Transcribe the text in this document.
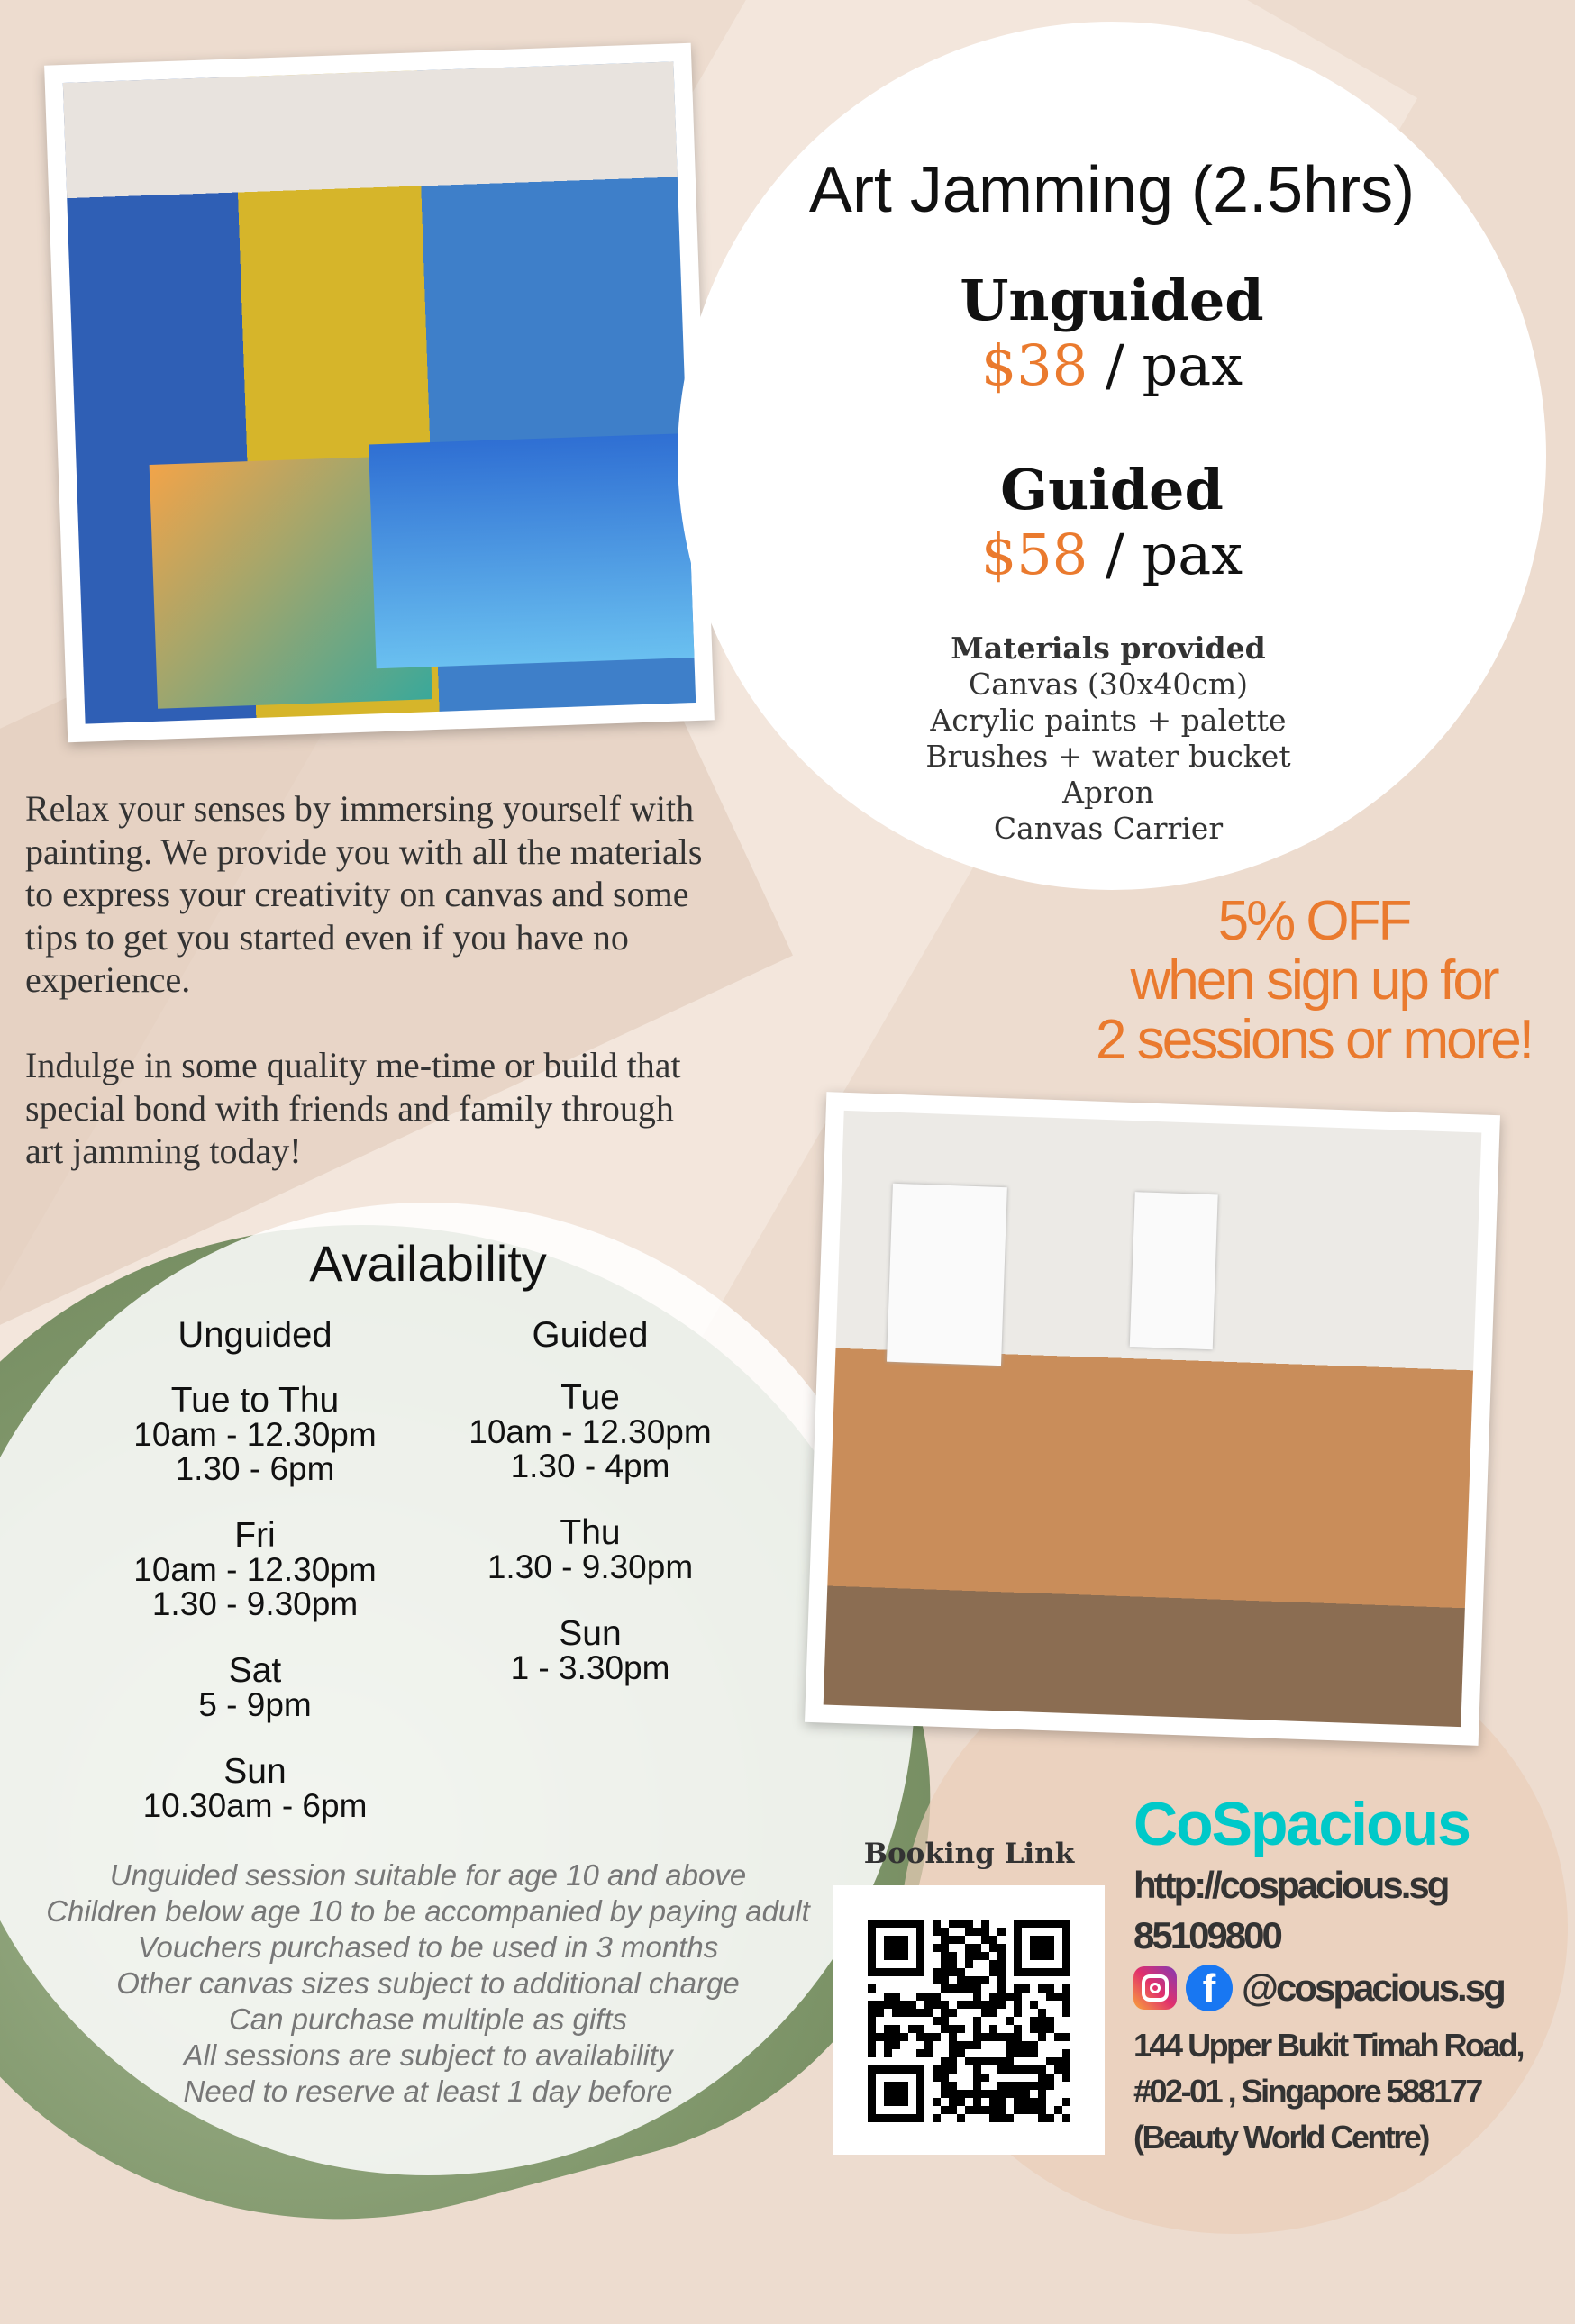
Art Jamming (2.5hrs)
Unguided
$38 / pax
Guided
$58 / pax
Materials provided
Canvas (30x40cm)
Acrylic paints + palette
Brushes + water bucket
Apron
Canvas Carrier
5% OFF
when sign up for
2 sessions or more!
Relax your senses by immersing yourself with
painting. We provide you with all the materials
to express your creativity on canvas and some
tips to get you started even if you have no
experience.
Indulge in some quality me-time or build that
special bond with friends and family through
art jamming today!
Availability
Unguided	Guided
Tue to Thu
10am - 12.30pm
1.30 - 6pm
Fri
10am - 12.30pm
1.30 - 9.30pm
Sat
5 - 9pm
Sun
10.30am - 6pm
Tue
10am - 12.30pm
1.30 - 4pm
Thu
1.30 - 9.30pm
Sun
1 - 3.30pm
Unguided session suitable for age 10 and above
Children below age 10 to be accompanied by paying adult
Vouchers purchased to be used in 3 months
Other canvas sizes subject to additional charge
Can purchase multiple as gifts
All sessions are subject to availability
Need to reserve at least 1 day before
Booking Link CoSpacious
http://cospacious.sg
85109800
f @cospacious.sg
144 Upper Bukit Timah Road,
#02-01 , Singapore 588177
(Beauty World Centre)
